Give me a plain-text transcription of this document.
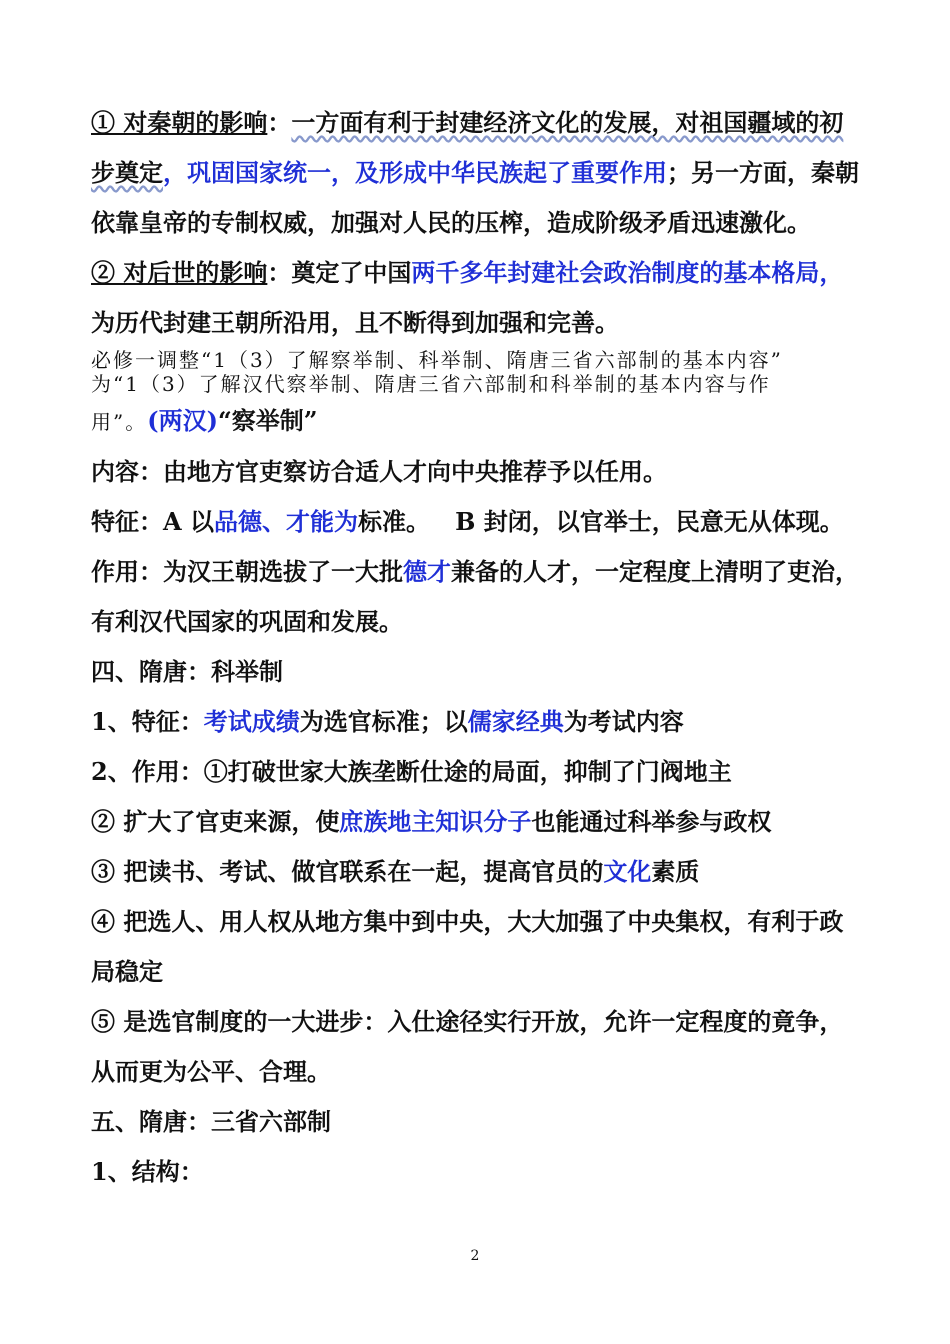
① 对秦朝的影响：一方面有利于封建经济文化的发展，对祖国疆域的初步奠定，巩固国家统一，及形成中华民族起了重要作用；另一方面，秦朝依靠皇帝的专制权威，加强对人民的压榨，造成阶级矛盾迅速激化。

② 对后世的影响：奠定了中国两千多年封建社会政治制度的基本格局，为历代封建王朝所沿用，且不断得到加强和完善。

必修一调整“1（3）了解察举制、科举制、隋唐三省六部制的基本内容”
为“1（3）了解汉代察举制、隋唐三省六部制和科举制的基本内容与作

用”。(两汉)“察举制”

内容：由地方官吏察访合适人才向中央推荐予以任用。

特征：A 以品德、才能为标准。 B 封闭，以官举士，民意无从体现。

作用：为汉王朝选拔了一大批德才兼备的人才，一定程度上清明了吏治，有利汉代国家的巩固和发展。

四、隋唐：科举制

1、特征：考试成绩为选官标准；以儒家经典为考试内容

2、作用：①打破世家大族垄断仕途的局面，抑制了门阀地主

② 扩大了官吏来源，使庶族地主知识分子也能通过科举参与政权

③ 把读书、考试、做官联系在一起，提高官员的文化素质

④ 把选人、用人权从地方集中到中央，大大加强了中央集权，有利于政局稳定

⑤ 是选官制度的一大进步：入仕途径实行开放，允许一定程度的竟争，从而更为公平、合理。

五、隋唐：三省六部制

1、结构：

2
